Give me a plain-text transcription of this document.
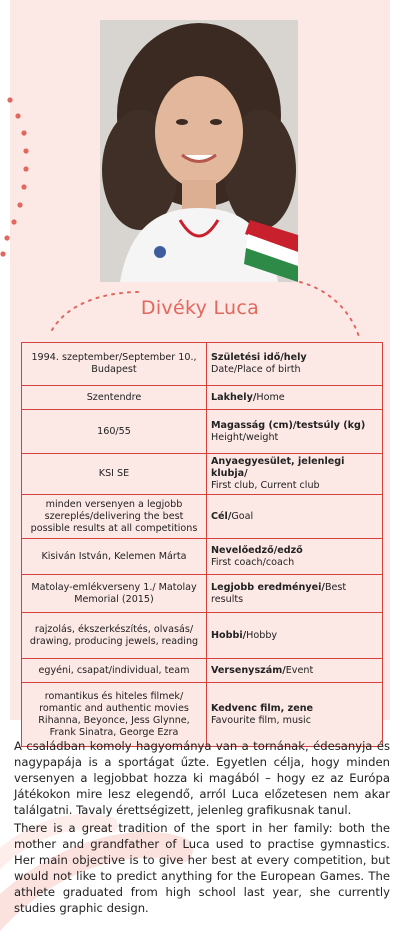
Divéky Luca
1994. szeptember/September 10., Budapest	Születési idő/hely
Date/Place of birth
Szentendre	Lakhely/Home
160/55	Magasság (cm)/testsúly (kg)
Height/weight
KSI SE	Anyaegyesület, jelenlegi klubja/
First club, Current club
minden versenyen a legjobb szereplés/delivering the best possible results at all competitions	Cél/Goal
Kisiván István, Kelemen Márta	Nevelőedző/edző
First coach/coach
Matolay-emlékverseny 1./ Matolay Memorial (2015)	Legjobb eredményei/Best results
rajzolás, ékszerkészítés, olvasás/ drawing, producing jewels, reading	Hobbi/Hobby
egyéni, csapat/individual, team	Versenyszám/Event
romantikus és hiteles filmek/ romantic and authentic movies Rihanna, Beyonce, Jess Glynne, Frank Sinatra, George Ezra	Kedvenc film, zene
Favourite film, music

A családban komoly hagyománya van a tornának, édesanyja és nagypapája is a sportágat űzte. Egyetlen célja, hogy minden versenyen a legjobbat hozza ki magából – hogy ez az Európa Játékokon mire lesz elegendő, arról Luca előzetesen nem akar találgatni. Tavaly érettségizett, jelenleg grafikusnak tanul.

There is a great tradition of the sport in her family: both the mother and grandfather of Luca used to practise gymnastics. Her main objective is to give her best at every competition, but would not like to predict anything for the European Games. The athlete graduated from high school last year, she currently studies graphic design.
